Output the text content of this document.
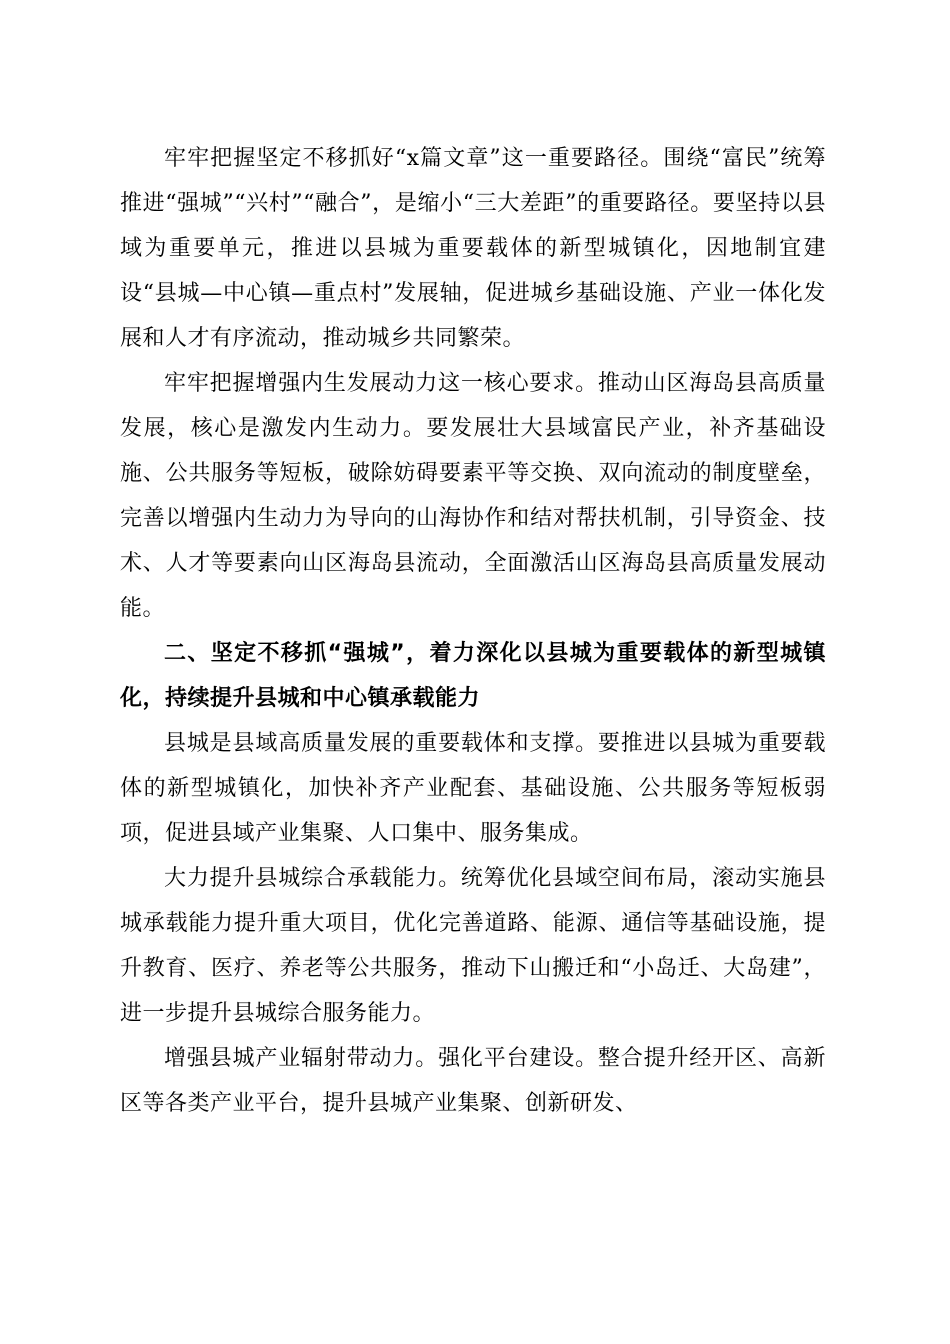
牢牢把握坚定不移抓好“x篇文章”这一重要路径。围绕“富民”统筹推进“强城”“兴村”“融合”，是缩小“三大差距”的重要路径。要坚持以县域为重要单元，推进以县城为重要载体的新型城镇化，因地制宜建设“县城—中心镇—重点村”发展轴，促进城乡基础设施、产业一体化发展和人才有序流动，推动城乡共同繁荣。

牢牢把握增强内生发展动力这一核心要求。推动山区海岛县高质量发展，核心是激发内生动力。要发展壮大县域富民产业，补齐基础设施、公共服务等短板，破除妨碍要素平等交换、双向流动的制度壁垒，完善以增强内生动力为导向的山海协作和结对帮扶机制，引导资金、技术、人才等要素向山区海岛县流动，全面激活山区海岛县高质量发展动能。

二、坚定不移抓“强城”，着力深化以县城为重要载体的新型城镇化，持续提升县城和中心镇承载能力

县城是县域高质量发展的重要载体和支撑。要推进以县城为重要载体的新型城镇化，加快补齐产业配套、基础设施、公共服务等短板弱项，促进县域产业集聚、人口集中、服务集成。

大力提升县城综合承载能力。统筹优化县域空间布局，滚动实施县城承载能力提升重大项目，优化完善道路、能源、通信等基础设施，提升教育、医疗、养老等公共服务，推动下山搬迁和“小岛迁、大岛建”，进一步提升县城综合服务能力。

增强县城产业辐射带动力。强化平台建设。整合提升经开区、高新区等各类产业平台，提升县城产业集聚、创新研发、
